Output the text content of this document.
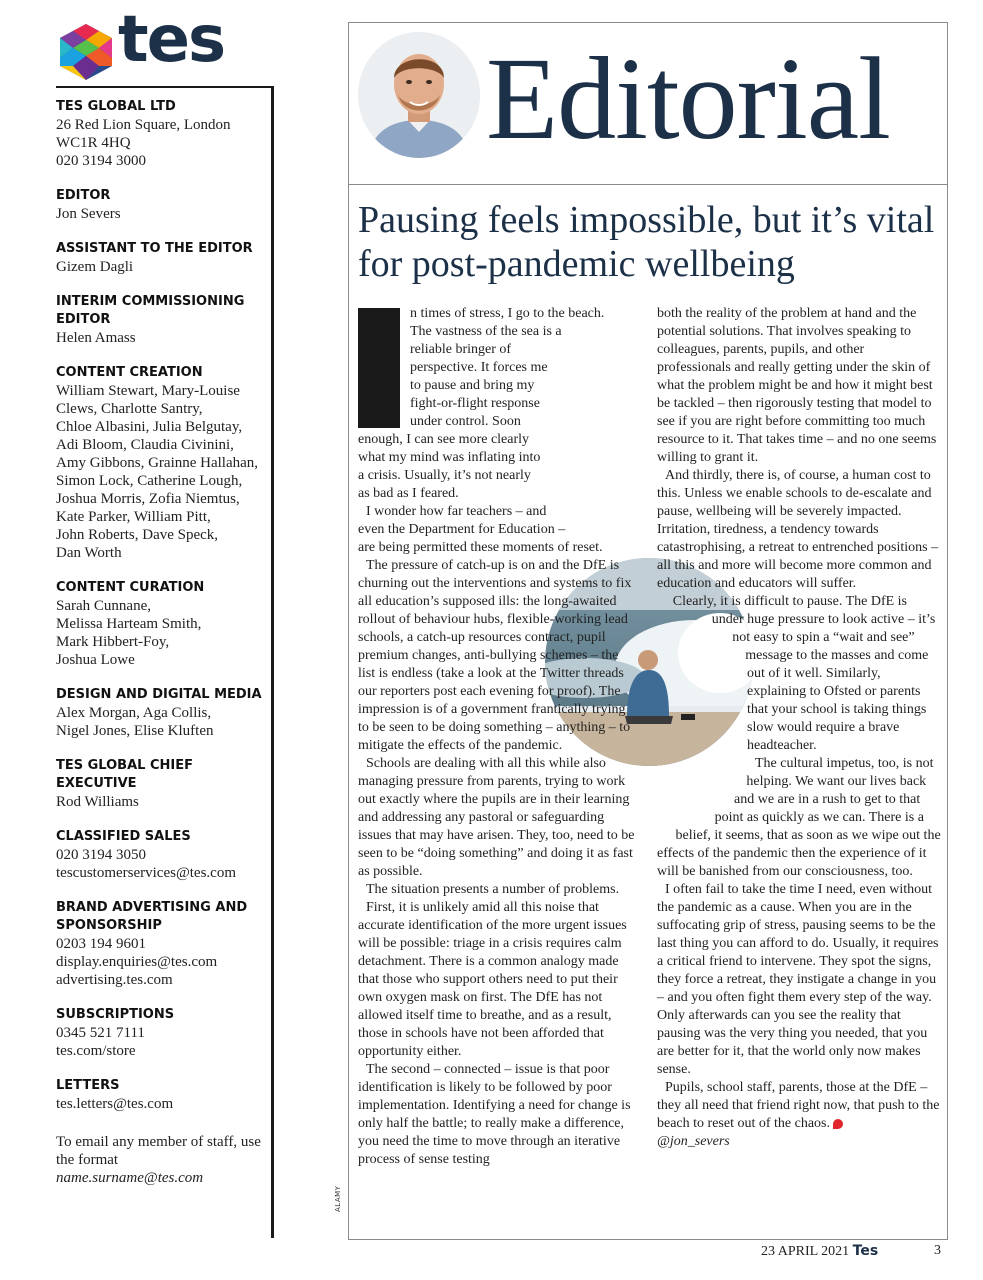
tes
TES GLOBAL LTD
26 Red Lion Square, London
WC1R 4HQ
020 3194 3000
EDITOR
Jon Severs
ASSISTANT TO THE EDITOR
Gizem Dagli
INTERIM COMMISSIONING EDITOR
Helen Amass
CONTENT CREATION
William Stewart, Mary-Louise
Clews, Charlotte Santry,
Chloe Albasini, Julia Belgutay,
Adi Bloom, Claudia Civinini,
Amy Gibbons, Grainne Hallahan,
Simon Lock, Catherine Lough,
Joshua Morris, Zofia Niemtus,
Kate Parker, William Pitt,
John Roberts, Dave Speck,
Dan Worth
CONTENT CURATION
Sarah Cunnane,
Melissa Harteam Smith,
Mark Hibbert-Foy,
Joshua Lowe
DESIGN AND DIGITAL MEDIA
Alex Morgan, Aga Collis,
Nigel Jones, Elise Kluften
TES GLOBAL CHIEF EXECUTIVE
Rod Williams
CLASSIFIED SALES
020 3194 3050
tescustomerservices@tes.com
BRAND ADVERTISING AND SPONSORSHIP
0203 194 9601
display.enquiries@tes.com
advertising.tes.com
SUBSCRIPTIONS
0345 521 7111
tes.com/store
LETTERS
tes.letters@tes.com
To email any member of staff, use the format
name.surname@tes.com
Editorial
Pausing feels impossible, but it’s vital for post-pandemic wellbeing

n times of stress, I go to the beach. The vastness of the sea is a reliable bringer of perspective. It forces me to pause and bring my fight-or-flight response under control. Soon enough, I can see more clearly what my mind was inflating into a crisis. Usually, it’s not nearly as bad as I feared.

I wonder how far teachers – and even the Department for Education – are being permitted these moments of reset.

The pressure of catch-up is on and the DfE is churning out the interventions and systems to fix all education’s supposed ills: the long-awaited rollout of behaviour hubs, flexible-working lead schools, a catch-up resources contract, pupil premium changes, anti-bullying schemes – the list is endless (take a look at the Twitter threads our reporters post each evening for proof). The impression is of a government frantically trying to be seen to be doing something – anything – to mitigate the effects of the pandemic.

Schools are dealing with all this while also managing pressure from parents, trying to work out exactly where the pupils are in their learning and addressing any pastoral or safeguarding issues that may have arisen. They, too, need to be seen to be “doing something” and doing it as fast as possible.

The situation presents a number of problems.

First, it is unlikely amid all this noise that accurate identification of the more urgent issues will be possible: triage in a crisis requires calm detachment. There is a common analogy made that those who support others need to put their own oxygen mask on first. The DfE has not allowed itself time to breathe, and as a result, those in schools have not been afforded that opportunity either.

The second – connected – issue is that poor identification is likely to be followed by poor implementation. Identifying a need for change is only half the battle; to really make a difference, you need the time to move through an iterative process of sense testing

both the reality of the problem at hand and the potential solutions. That involves speaking to colleagues, parents, pupils, and other professionals and really getting under the skin of what the problem might be and how it might best be tackled – then rigorously testing that model to see if you are right before committing too much resource to it. That takes time – and no one seems willing to grant it.

And thirdly, there is, of course, a human cost to this. Unless we enable schools to de-escalate and pause, wellbeing will be severely impacted. Irritation, tiredness, a tendency towards catastrophising, a retreat to entrenched positions – all this and more will become more common and education and educators will suffer.

Clearly, it is difficult to pause. The DfE is under huge pressure to look active – it’s not easy to spin a “wait and see” message to the masses and come out of it well. Similarly, explaining to Ofsted or parents that your school is taking things slow would require a brave headteacher.

The cultural impetus, too, is not helping. We want our lives back and we are in a rush to get to that point as quickly as we can. There is a belief, it seems, that as soon as we wipe out the effects of the pandemic then the experience of it will be banished from our consciousness, too.

I often fail to take the time I need, even without the pandemic as a cause. When you are in the suffocating grip of stress, pausing seems to be the last thing you can afford to do. Usually, it requires a critical friend to intervene. They spot the signs, they force a retreat, they instigate a change in you – and you often fight them every step of the way. Only afterwards can you see the reality that pausing was the very thing you needed, that you are better for it, that the world only now makes sense.

Pupils, school staff, parents, those at the DfE – they all need that friend right now, that push to the beach to reset out of the chaos.

@jon_severs

ALAMY
23 APRIL 2021 Tes	3
